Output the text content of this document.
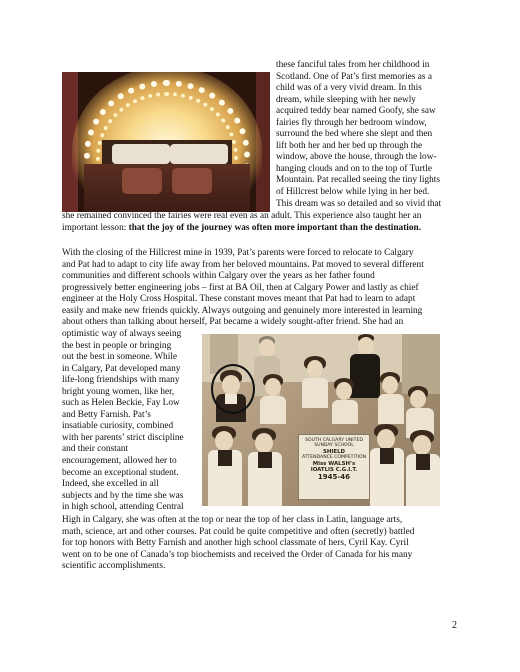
these fanciful tales from her childhood in
Scotland. One of Pat’s first memories as a
child was of a very vivid dream. In this
dream, while sleeping with her newly
acquired teddy bear named Goofy, she saw
fairies fly through her bedroom window,
surround the bed where she slept and then
lift both her and her bed up through the
window, above the house, through the low-
hanging clouds and on to the top of Turtle
Mountain. Pat recalled seeing the tiny lights
of Hillcrest below while lying in her bed.
This dream was so detailed and so vivid that
she remained convinced the fairies were real even as an adult. This experience also taught her an
important lesson: that the joy of the journey was often more important than the destination.
With the closing of the Hillcrest mine in 1939, Pat’s parents were forced to relocate to Calgary
and Pat had to adapt to city life away from her beloved mountains. Pat moved to several different
communities and different schools within Calgary over the years as her father found
progressively better engineering jobs – first at BA Oil, then at Calgary Power and lastly as chief
engineer at the Holy Cross Hospital. These constant moves meant that Pat had to learn to adapt
easily and make new friends quickly. Always outgoing and genuinely more interested in learning
about others than talking about herself, Pat became a widely sought-after friend. She had an
optimistic way of always seeing
the best in people or bringing
out the best in someone. While
in Calgary, Pat developed many
life-long friendships with many
bright young women, like her,
such as Helen Beckie, Fay Low
and Betty Farnish. Pat’s
insatiable curiosity, combined
with her parents’ strict discipline
and their constant
encouragement, allowed her to
become an exceptional student.
Indeed, she excelled in all
subjects and by the time she was
in high school, attending Central
SOUTH CALGARY UNITED
SUNDAY SCHOOL
SHIELD
ATTENDANCE COMPETITION
Miss WALSH’s
IOATLIS C.G.I.T.
1945-46
High in Calgary, she was often at the top or near the top of her class in Latin, language arts,
math, science, art and other courses. Pat could be quite competitive and often (secretly) battled
for top honors with Betty Farnish and another high school classmate of hers, Cyril Kay. Cyril
went on to be one of Canada’s top biochemists and received the Order of Canada for his many
scientific accomplishments.
2
